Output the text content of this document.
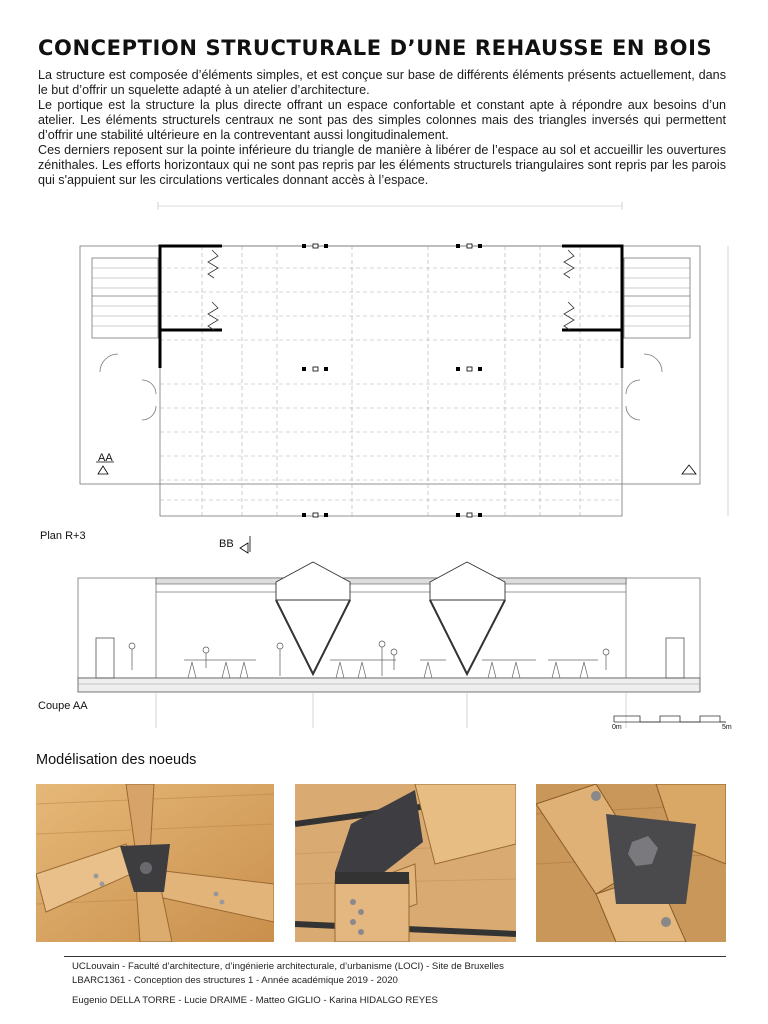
CONCEPTION STRUCTURALE D’UNE REHAUSSE EN BOIS

La structure est composée d’éléments simples, et est conçue sur base de différents éléments présents actuellement, dans le but d’offrir un squelette adapté à un atelier d’architecture.

Le portique est la structure la plus directe offrant un espace confortable et constant apte à répondre aux besoins d’un atelier. Les éléments structurels centraux ne sont pas des simples colonnes mais des triangles inversés qui permettent d’offrir une stabilité ultérieure en la contreventant aussi longitudinalement.

Ces derniers reposent sur la pointe inférieure du triangle de manière à libérer de l’espace au sol et accueillir les ouvertures zénithales. Les efforts horizontaux qui ne sont pas repris par les éléments structurels triangulaires sont repris par les parois qui s'appuient sur les circulations verticales donnant accès à l’espace.

AA
Plan R+3
BB
Coupe AA
0m	5m
Modélisation des noeuds
UCLouvain - Faculté d’architecture, d’ingénierie architecturale, d’urbanisme (LOCI) - Site de Bruxelles
LBARC1361 - Conception des structures 1 - Année académique 2019 - 2020
Eugenio DELLA TORRE - Lucie DRAIME - Matteo GIGLIO - Karina HIDALGO REYES
